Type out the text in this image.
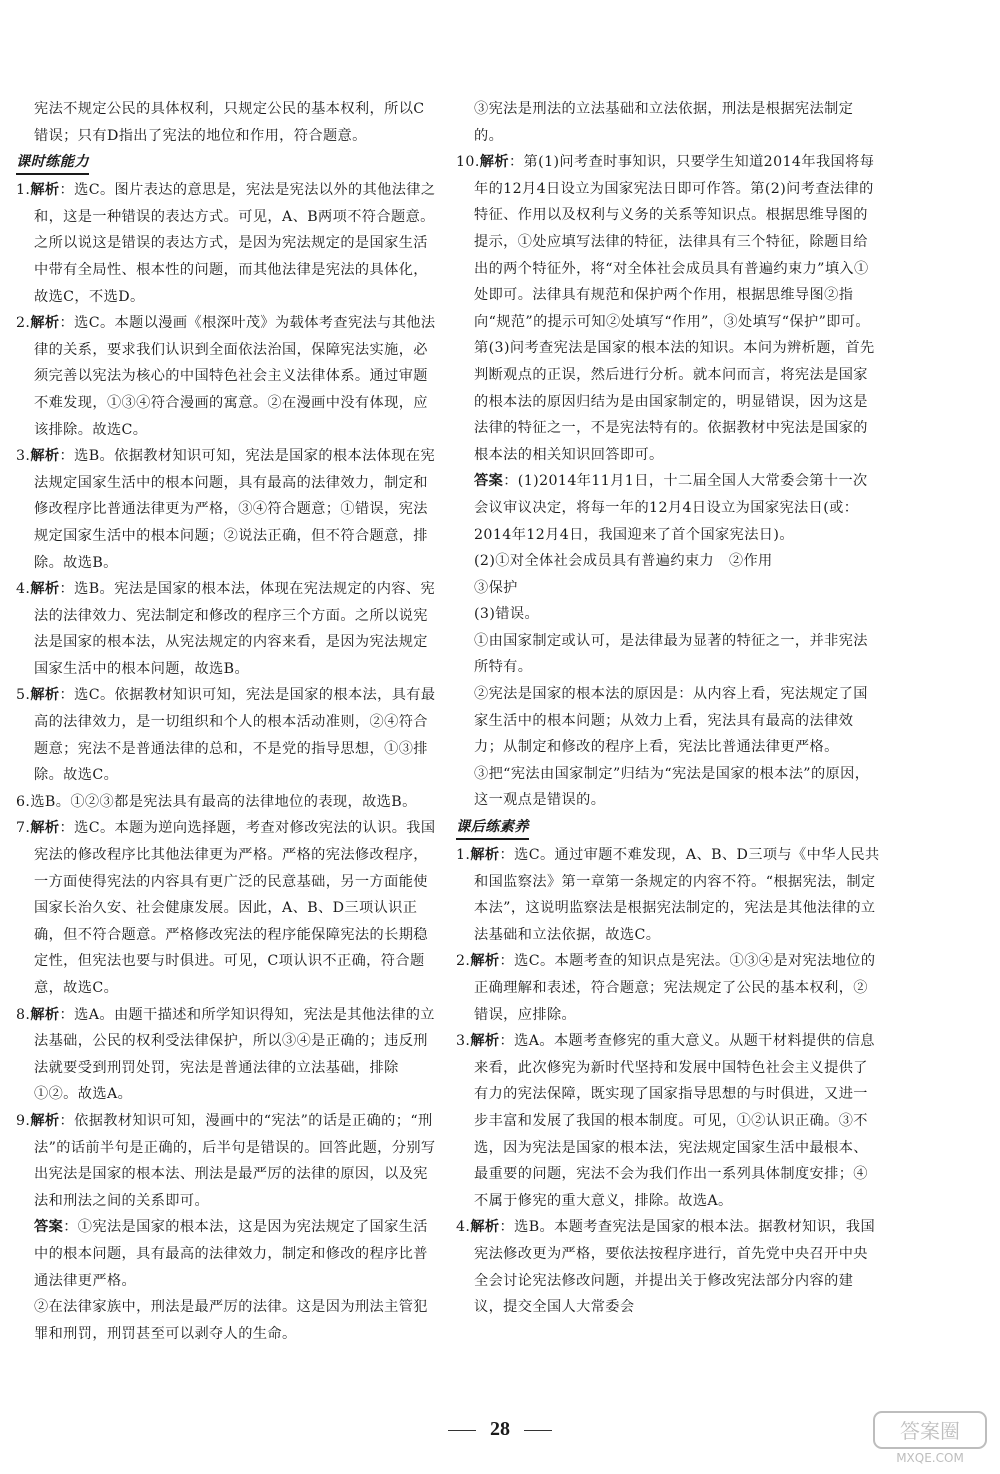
宪法不规定公民的具体权利，只规定公民的基本权利，所以C错误；只有D指出了宪法的地位和作用，符合题意。

课时练能力

1.解析：选C。图片表达的意思是，宪法是宪法以外的其他法律之和，这是一种错误的表达方式。可见，A、B两项不符合题意。之所以说这是错误的表达方式，是因为宪法规定的是国家生活中带有全局性、根本性的问题，而其他法律是宪法的具体化，故选C，不选D。

2.解析：选C。本题以漫画《根深叶茂》为载体考查宪法与其他法律的关系，要求我们认识到全面依法治国，保障宪法实施，必须完善以宪法为核心的中国特色社会主义法律体系。通过审题不难发现，①③④符合漫画的寓意。②在漫画中没有体现，应该排除。故选C。

3.解析：选B。依据教材知识可知，宪法是国家的根本法体现在宪法规定国家生活中的根本问题，具有最高的法律效力，制定和修改程序比普通法律更为严格，③④符合题意；①错误，宪法规定国家生活中的根本问题；②说法正确，但不符合题意，排除。故选B。

4.解析：选B。宪法是国家的根本法，体现在宪法规定的内容、宪法的法律效力、宪法制定和修改的程序三个方面。之所以说宪法是国家的根本法，从宪法规定的内容来看，是因为宪法规定国家生活中的根本问题，故选B。

5.解析：选C。依据教材知识可知，宪法是国家的根本法，具有最高的法律效力，是一切组织和个人的根本活动准则，②④符合题意；宪法不是普通法律的总和，不是党的指导思想，①③排除。故选C。

6.选B。①②③都是宪法具有最高的法律地位的表现，故选B。

7.解析：选C。本题为逆向选择题，考查对修改宪法的认识。我国宪法的修改程序比其他法律更为严格。严格的宪法修改程序，一方面使得宪法的内容具有更广泛的民意基础，另一方面能使国家长治久安、社会健康发展。因此，A、B、D三项认识正确，但不符合题意。严格修改宪法的程序能保障宪法的长期稳定性，但宪法也要与时俱进。可见，C项认识不正确，符合题意，故选C。

8.解析：选A。由题干描述和所学知识得知，宪法是其他法律的立法基础，公民的权利受法律保护，所以③④是正确的；违反刑法就要受到刑罚处罚，宪法是普通法律的立法基础，排除①②。故选A。

9.解析：依据教材知识可知，漫画中的“宪法”的话是正确的；“刑法”的话前半句是正确的，后半句是错误的。回答此题，分别写出宪法是国家的根本法、刑法是最严厉的法律的原因，以及宪法和刑法之间的关系即可。

答案：①宪法是国家的根本法，这是因为宪法规定了国家生活中的根本问题，具有最高的法律效力，制定和修改的程序比普通法律更严格。

②在法律家族中，刑法是最严厉的法律。这是因为刑法主管犯罪和刑罚，刑罚甚至可以剥夺人的生命。

③宪法是刑法的立法基础和立法依据，刑法是根据宪法制定的。

10.解析：第(1)问考查时事知识，只要学生知道2014年我国将每年的12月4日设立为国家宪法日即可作答。第(2)问考查法律的特征、作用以及权利与义务的关系等知识点。根据思维导图的提示，①处应填写法律的特征，法律具有三个特征，除题目给出的两个特征外，将“对全体社会成员具有普遍约束力”填入①处即可。法律具有规范和保护两个作用，根据思维导图②指向“规范”的提示可知②处填写“作用”，③处填写“保护”即可。第(3)问考查宪法是国家的根本法的知识。本问为辨析题，首先判断观点的正误，然后进行分析。就本问而言，将宪法是国家的根本法的原因归结为是由国家制定的，明显错误，因为这是法律的特征之一，不是宪法特有的。依据教材中宪法是国家的根本法的相关知识回答即可。

答案：(1)2014年11月1日，十二届全国人大常委会第十一次会议审议决定，将每一年的12月4日设立为国家宪法日(或：2014年12月4日，我国迎来了首个国家宪法日)。

(2)①对全体社会成员具有普遍约束力 ②作用

③保护

(3)错误。

①由国家制定或认可，是法律最为显著的特征之一，并非宪法所特有。

②宪法是国家的根本法的原因是：从内容上看，宪法规定了国家生活中的根本问题；从效力上看，宪法具有最高的法律效力；从制定和修改的程序上看，宪法比普通法律更严格。

③把“宪法由国家制定”归结为“宪法是国家的根本法”的原因，这一观点是错误的。

课后练素养

1.解析：选C。通过审题不难发现，A、B、D三项与《中华人民共和国监察法》第一章第一条规定的内容不符。“根据宪法，制定本法”，这说明监察法是根据宪法制定的，宪法是其他法律的立法基础和立法依据，故选C。

2.解析：选C。本题考查的知识点是宪法。①③④是对宪法地位的正确理解和表述，符合题意；宪法规定了公民的基本权利，②错误，应排除。

3.解析：选A。本题考查修宪的重大意义。从题干材料提供的信息来看，此次修宪为新时代坚持和发展中国特色社会主义提供了有力的宪法保障，既实现了国家指导思想的与时俱进，又进一步丰富和发展了我国的根本制度。可见，①②认识正确。③不选，因为宪法是国家的根本法，宪法规定国家生活中最根本、最重要的问题，宪法不会为我们作出一系列具体制度安排；④不属于修宪的重大意义，排除。故选A。

4.解析：选B。本题考查宪法是国家的根本法。据教材知识，我国宪法修改更为严格，要依法按程序进行，首先党中央召开中央全会讨论宪法修改问题，并提出关于修改宪法部分内容的建议，提交全国人大常委会

28	答案圈
MXQE.COM
